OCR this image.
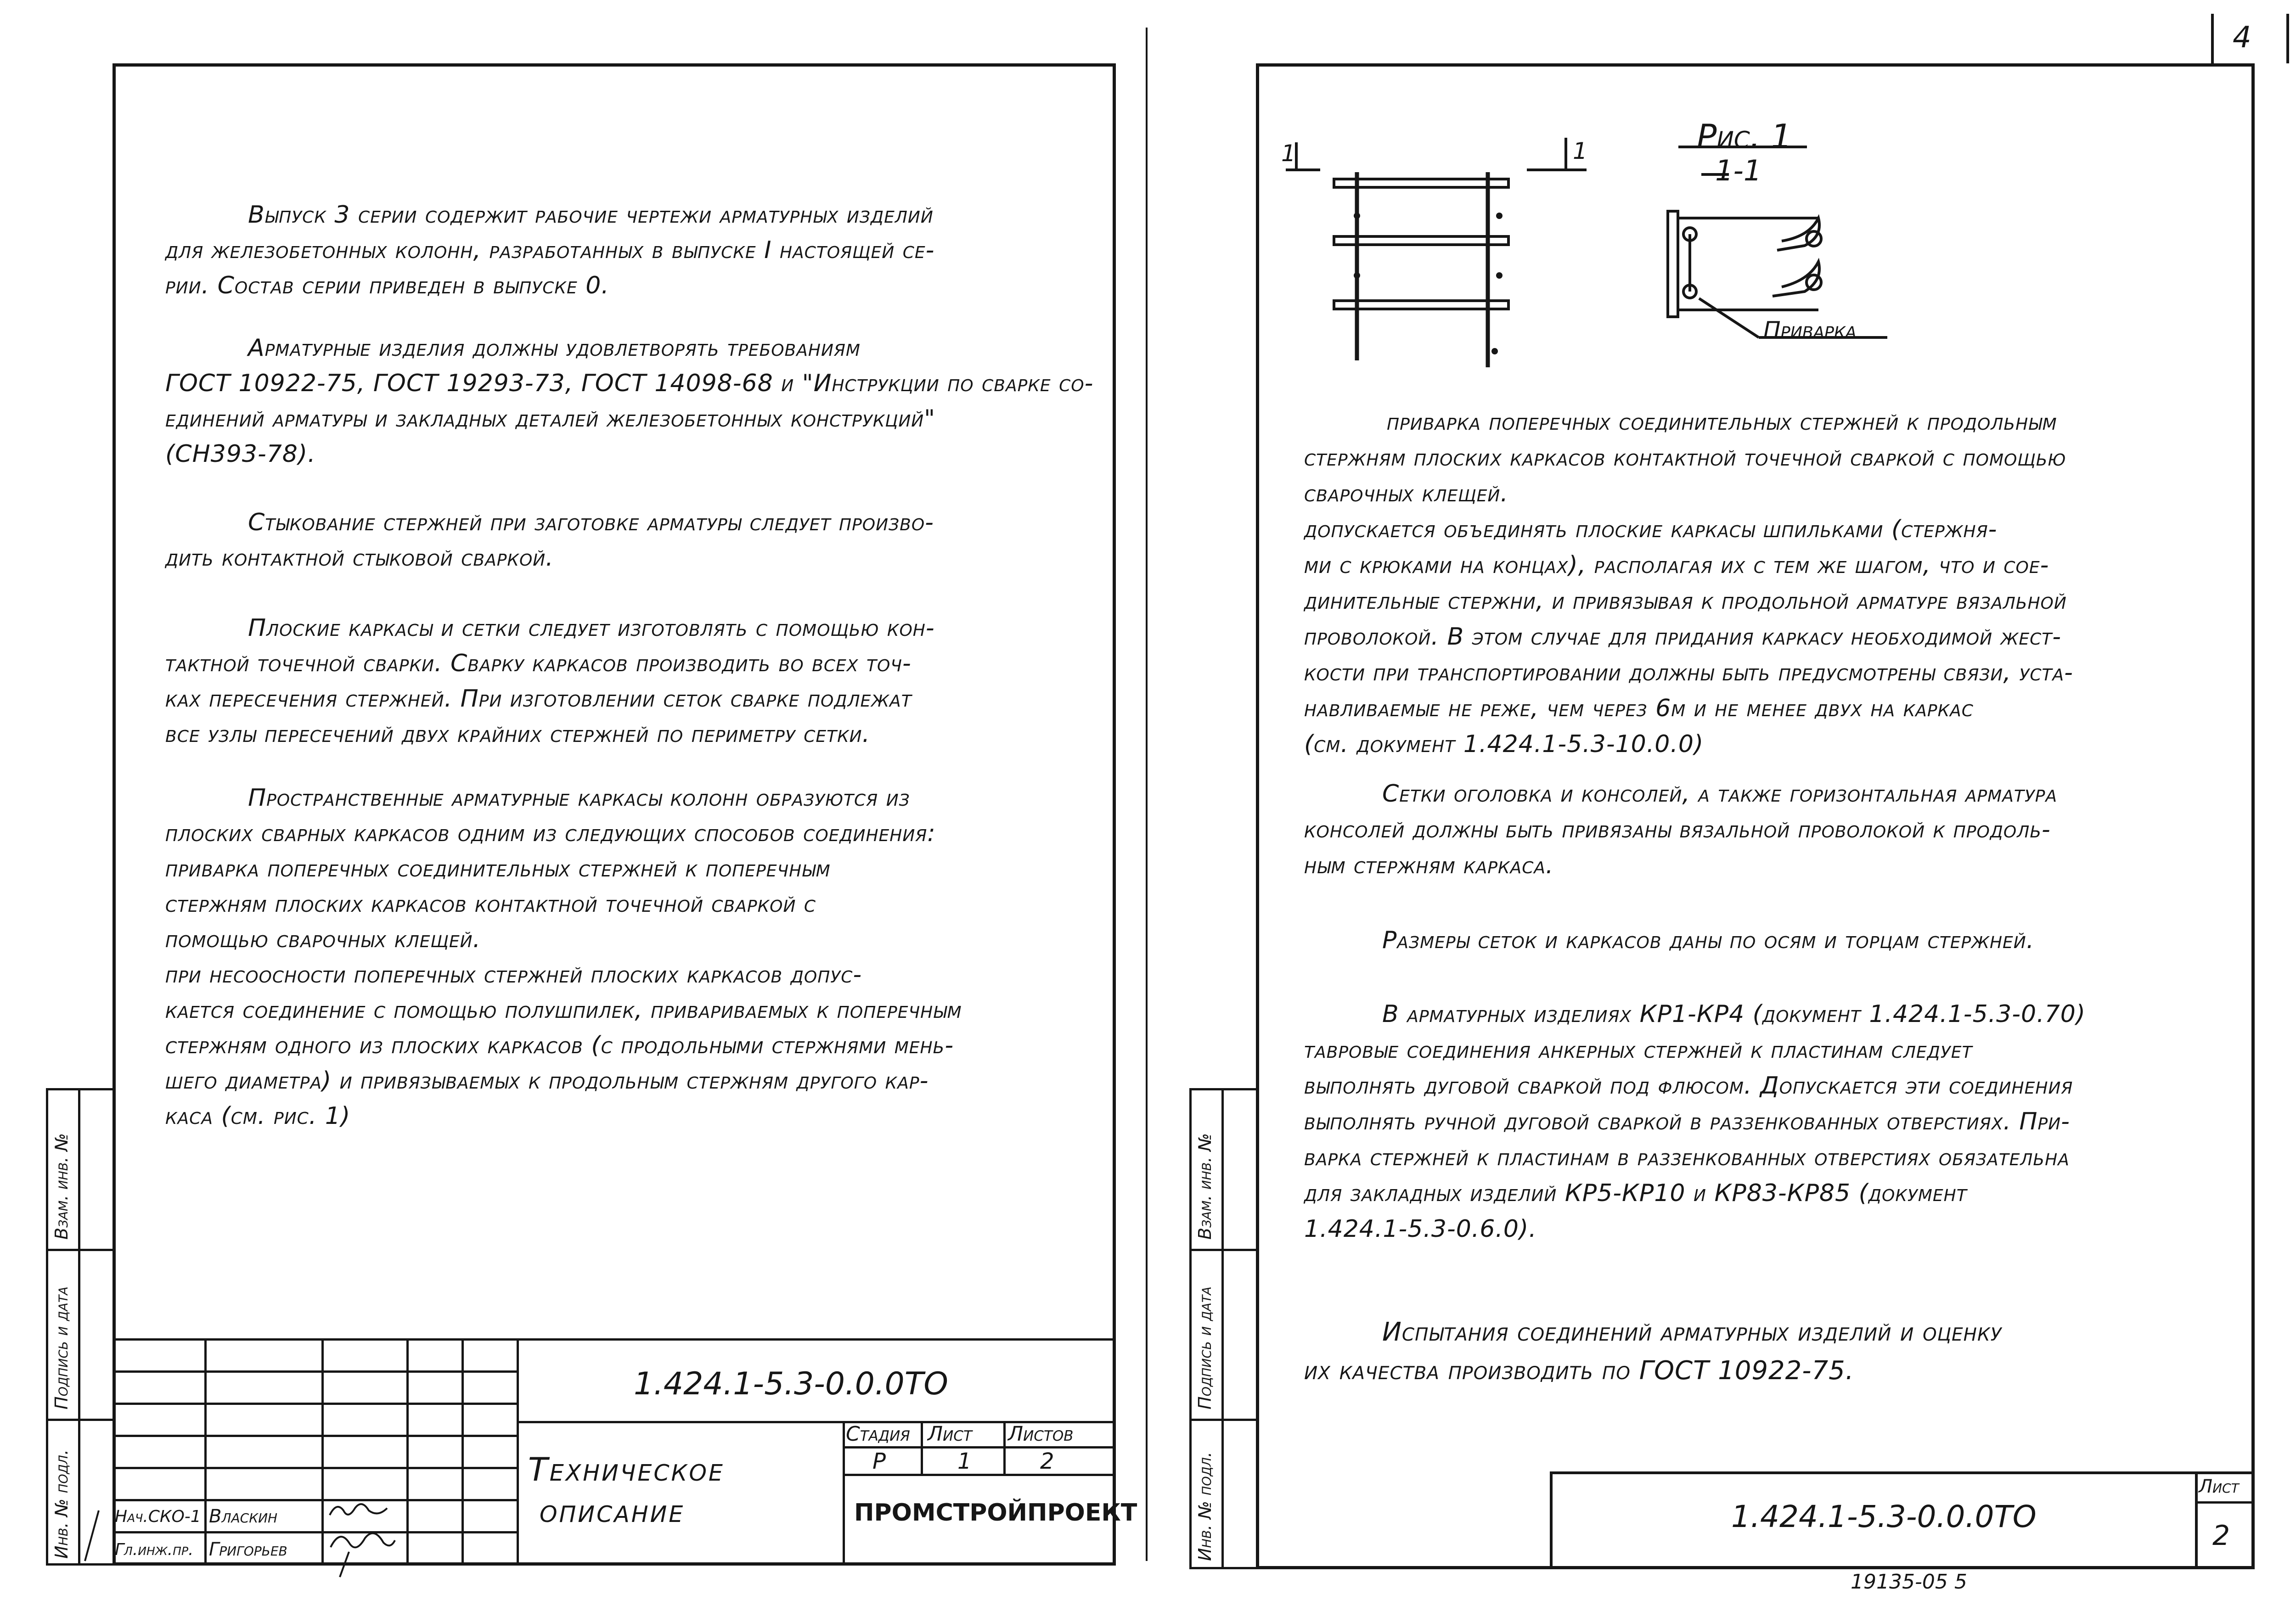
Выпуск 3 серии содержит рабочие чертежи арматурных изделий
для железобетонных колонн, разработанных в выпуске I настоящей се-
рии. Состав серии приведен в выпуске 0.
Арматурные изделия должны удовлетворять требованиям
ГОСТ 10922-75, ГОСТ 19293-73, ГОСТ 14098-68 и "Инструкции по сварке со-
единений арматуры и закладных деталей железобетонных конструкций"
(СН393-78).
Стыкование стержней при заготовке арматуры следует произво-
дить контактной стыковой сваркой.
Плоские каркасы и сетки следует изготовлять с помощью кон-
тактной точечной сварки. Сварку каркасов производить во всех точ-
ках пересечения стержней. При изготовлении сеток сварке подлежат
все узлы пересечений двух крайних стержней по периметру сетки.
Пространственные арматурные каркасы колонн образуются из
плоских сварных каркасов одним из следующих способов соединения:
приварка поперечных соединительных стержней к поперечным
стержням плоских каркасов контактной точечной сваркой с
помощью сварочных клещей.
при несоосности поперечных стержней плоских каркасов допус-
кается соединение с помощью полушпилек, привариваемых к поперечным
стержням одного из плоских каркасов (с продольными стержнями мень-
шего диаметра) и привязываемых к продольным стержням другого кар-
каса (см. рис. 1)
Взам. инв. №
Подпись и дата
Инв. № подл.
1.424.1-5.3-0.0.0ТО
Техническое
описание
Стадия Лист Листов
Р	1	2
ПРОМСТРОЙПРОЕКТ
Нач.СКО-1 Власкин
Гл.инж.пр. Григорьев
4
1	1	Рис. 1
1-1
Приварка
приварка поперечных соединительных стержней к продольным
стержням плоских каркасов контактной точечной сваркой с помощью
сварочных клещей.
допускается объединять плоские каркасы шпильками (стержня-
ми с крюками на концах), располагая их с тем же шагом, что и сое-
динительные стержни, и привязывая к продольной арматуре вязальной
проволокой. В этом случае для придания каркасу необходимой жест-
кости при транспортировании должны быть предусмотрены связи, уста-
навливаемые не реже, чем через 6м и не менее двух на каркас
(см. документ 1.424.1-5.3-10.0.0)
Сетки оголовка и консолей, а также горизонтальная арматура
консолей должны быть привязаны вязальной проволокой к продоль-
ным стержням каркаса.
Размеры сеток и каркасов даны по осям и торцам стержней.
В арматурных изделиях КР1-КР4 (документ 1.424.1-5.3-0.70)
тавровые соединения анкерных стержней к пластинам следует
выполнять дуговой сваркой под флюсом. Допускается эти соединения
выполнять ручной дуговой сваркой в раззенкованных отверстиях. При-
варка стержней к пластинам в раззенкованных отверстиях обязательна
для закладных изделий КР5-КР10 и КР83-КР85 (документ
1.424.1-5.3-0.6.0).
Испытания соединений арматурных изделий и оценку
их качества производить по ГОСТ 10922-75.
Взам. инв. №
Подпись и дата
Инв. № подл.	1.424.1-5.3-0.0.0ТО
Лист
2
19135-05 5
